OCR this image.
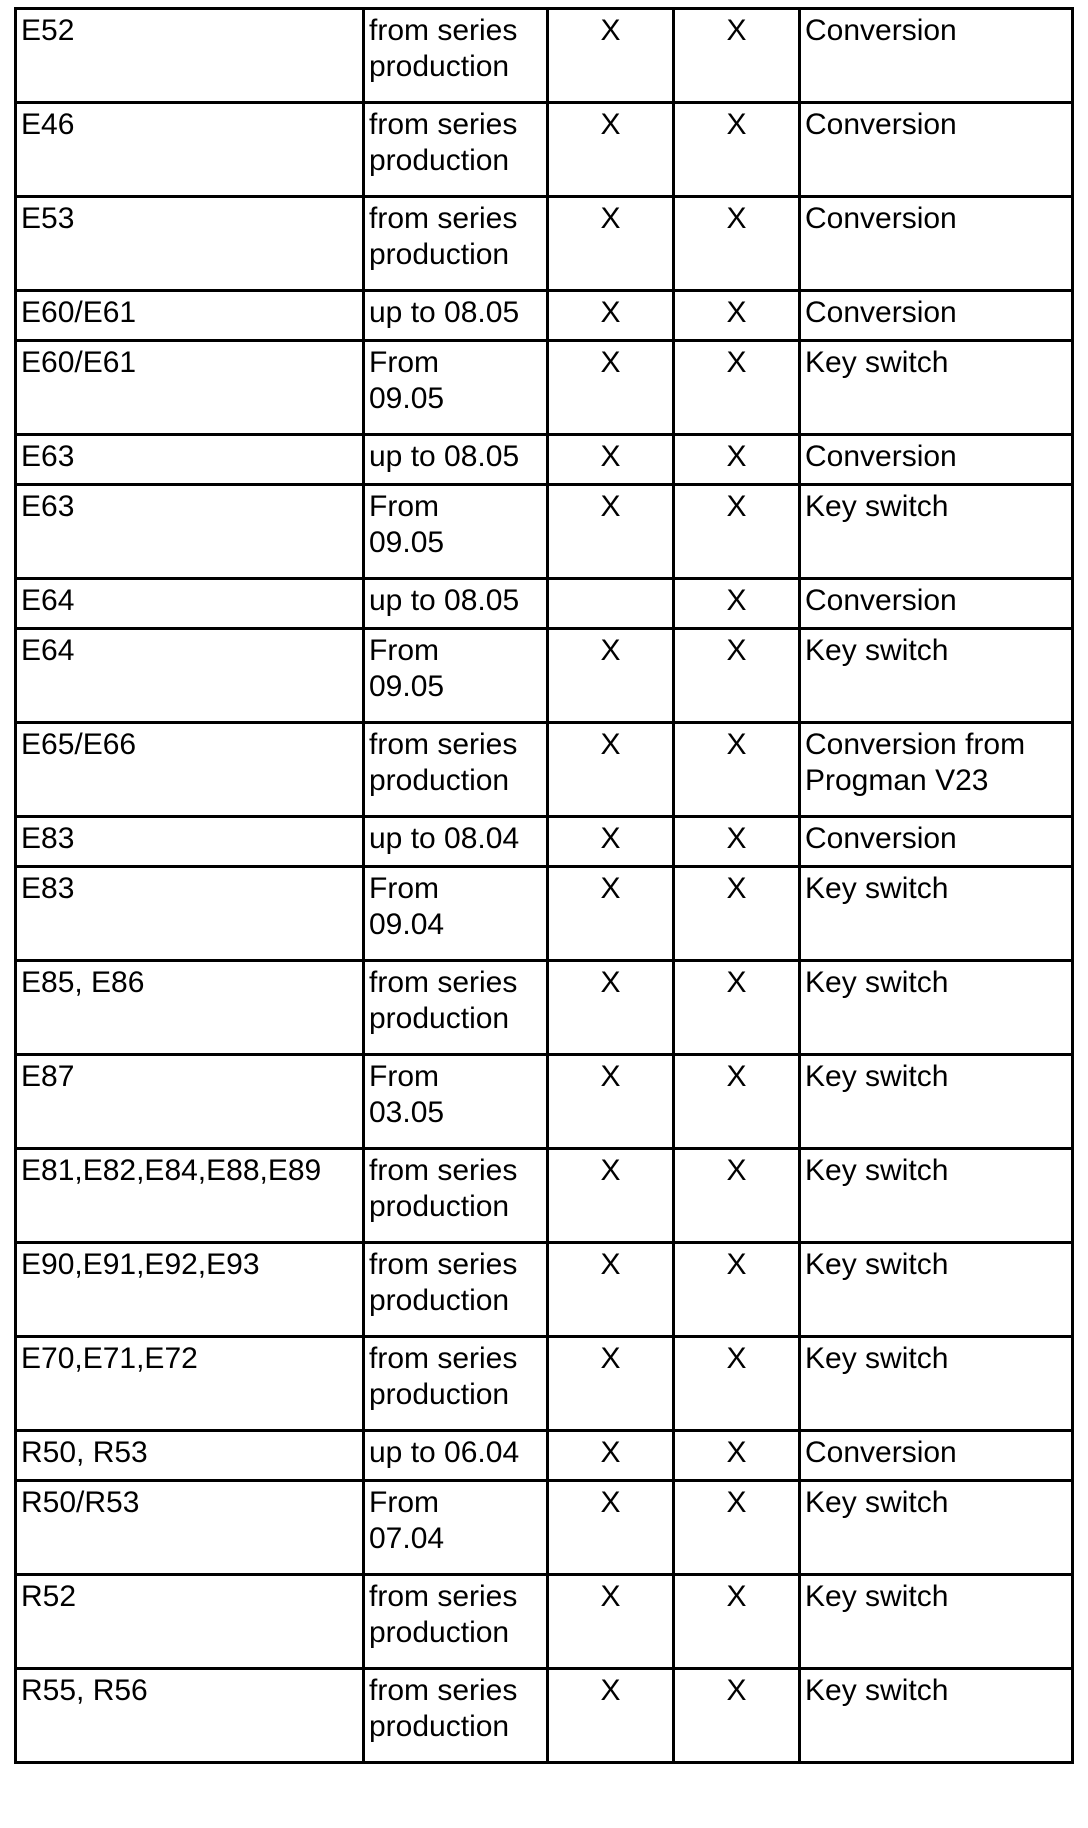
E52	from series
production	X	X	Conversion

E46	from series
production	X	X	Conversion

E53	from series
production	X	X	Conversion

E60/E61	up to 08.05	X	X	Conversion

E60/E61	From
09.05	X	X	Key switch

E63	up to 08.05	X	X	Conversion

E63	From
09.05	X	X	Key switch

E64	up to 08.05		X	Conversion

E64	From
09.05	X	X	Key switch

E65/E66	from series
production	X	X	Conversion from
Progman V23

E83	up to 08.04	X	X	Conversion

E83	From
09.04	X	X	Key switch

E85, E86	from series
production	X	X	Key switch

E87	From
03.05	X	X	Key switch

E81,E82,E84,E88,E89	from series
production	X	X	Key switch

E90,E91,E92,E93	from series
production	X	X	Key switch

E70,E71,E72	from series
production	X	X	Key switch

R50, R53	up to 06.04	X	X	Conversion

R50/R53	From
07.04	X	X	Key switch

R52	from series
production	X	X	Key switch

R55, R56	from series
production	X	X	Key switch
